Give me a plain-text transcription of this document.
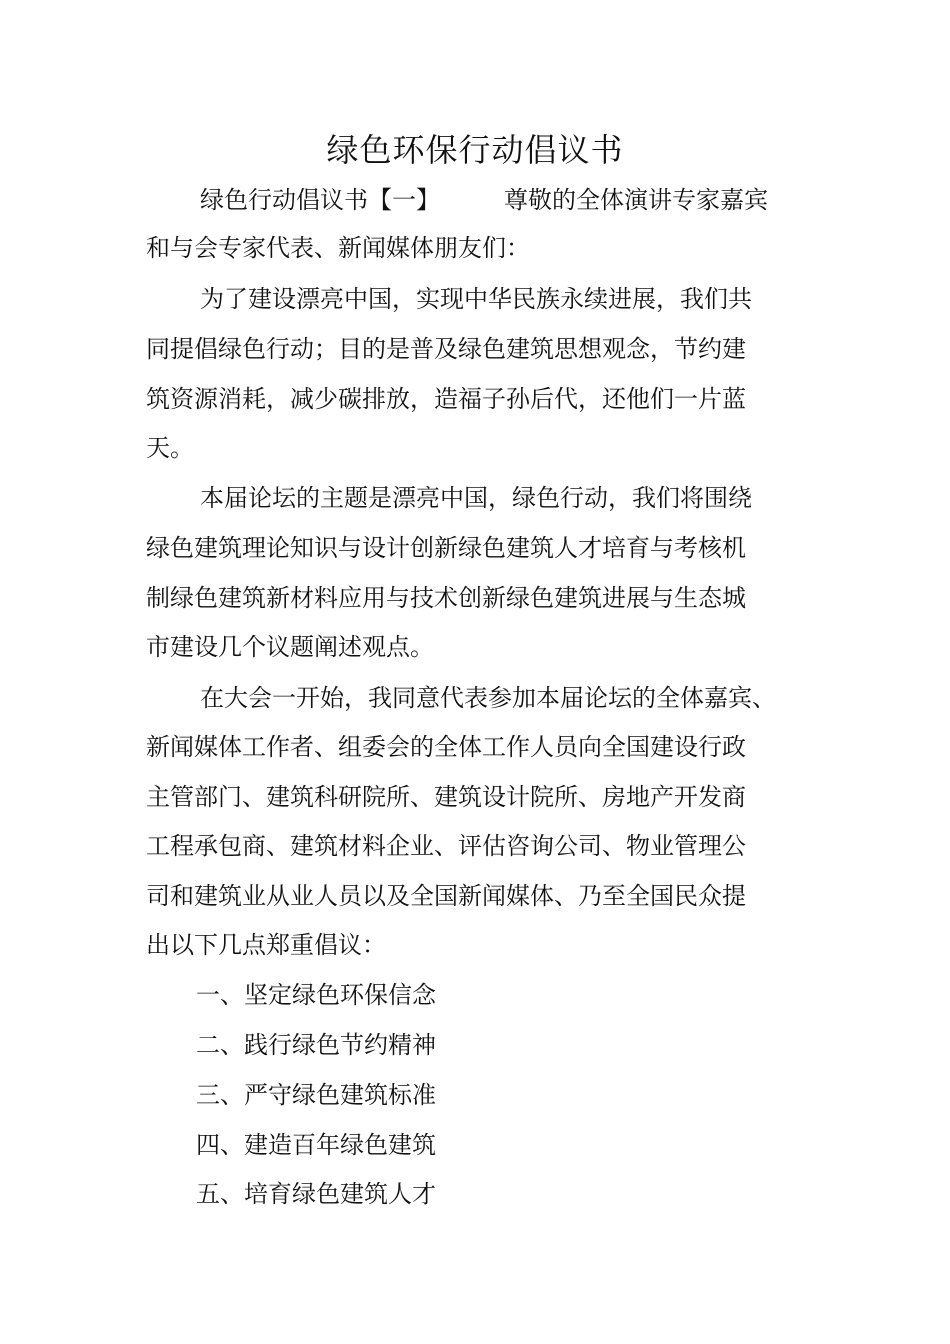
绿色环保行动倡议书
绿色行动倡议书【一】	尊敬的全体演讲专家嘉宾
和与会专家代表、新闻媒体朋友们：
为了建设漂亮中国，实现中华民族永续进展，我们共
同提倡绿色行动；目的是普及绿色建筑思想观念，节约建
筑资源消耗，减少碳排放，造福子孙后代，还他们一片蓝
天。
本届论坛的主题是漂亮中国，绿色行动，我们将围绕
绿色建筑理论知识与设计创新绿色建筑人才培育与考核机
制绿色建筑新材料应用与技术创新绿色建筑进展与生态城
市建设几个议题阐述观点。
在大会一开始，我同意代表参加本届论坛的全体嘉宾、
新闻媒体工作者、组委会的全体工作人员向全国建设行政
主管部门、建筑科研院所、建筑设计院所、房地产开发商
工程承包商、建筑材料企业、评估咨询公司、物业管理公
司和建筑业从业人员以及全国新闻媒体、乃至全国民众提
出以下几点郑重倡议：
一、坚定绿色环保信念
二、践行绿色节约精神
三、严守绿色建筑标准
四、建造百年绿色建筑
五、培育绿色建筑人才
